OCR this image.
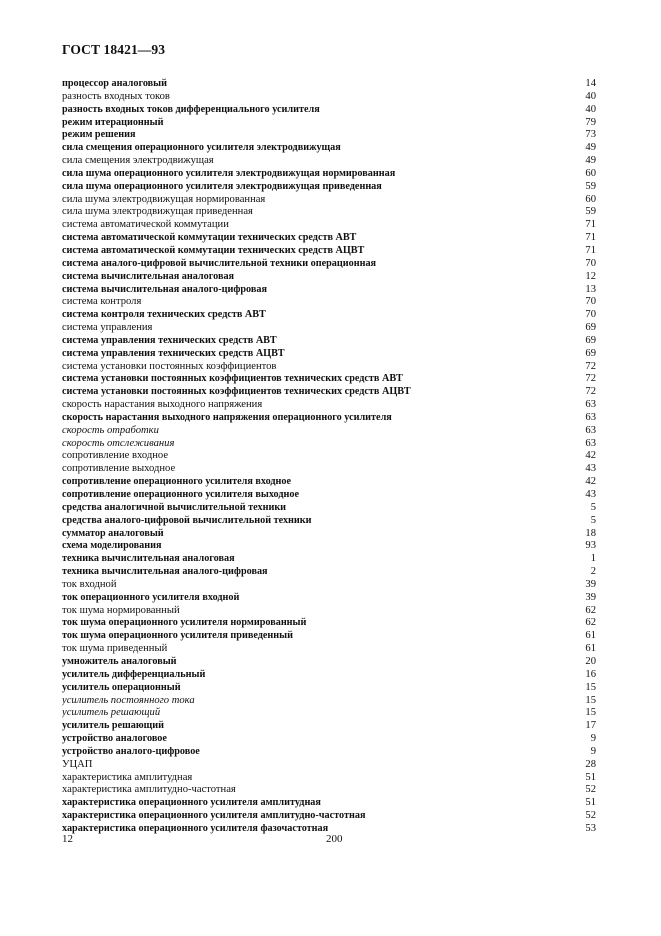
ГОСТ 18421—93
процессор аналоговый	14
разность входных токов	40
разность входных токов дифференциального усилителя	40
режим итерационный	79
режим решения	73
сила смещения операционного усилителя электродвижущая	49
сила смещения электродвижущая	49
сила шума операционного усилителя электродвижущая нормированная	60
сила шума операционного усилителя электродвижущая приведенная	59
сила шума электродвижущая нормированная	60
сила шума электродвижущая приведенная	59
система автоматической коммутации	71
система автоматической коммутации технических средств АВТ	71
система автоматической коммутации технических средств АЦВТ	71
система аналого-цифровой вычислительной техники операционная	70
система вычислительная аналоговая	12
система вычислительная аналого-цифровая	13
система контроля	70
система контроля технических средств АВТ	70
система управления	69
система управления технических средств АВТ	69
система управления технических средств АЦВТ	69
система установки постоянных коэффициентов	72
система установки постоянных коэффициентов технических средств АВТ	72
система установки постоянных коэффициентов технических средств АЦВТ	72
скорость нарастания выходного напряжения	63
скорость нарастания выходного напряжения операционного усилителя	63
скорость отработки	63
скорость отслеживания	63
сопротивление входное	42
сопротивление выходное	43
сопротивление операционного усилителя входное	42
сопротивление операционного усилителя выходное	43
средства аналогичной вычислительной техники	5
средства аналого-цифровой вычислительной техники	5
сумматор аналоговый	18
схема моделирования	93
техника вычислительная аналоговая	1
техника вычислительная аналого-цифровая	2
ток входной	39
ток операционного усилителя входной	39
ток шума нормированный	62
ток шума операционного усилителя нормированный	62
ток шума операционного усилителя приведенный	61
ток шума приведенный	61
умножитель аналоговый	20
усилитель дифференциальный	16
усилитель операционный	15
усилитель постоянного тока	15
усилитель решающий	15
усилитель решающий	17
устройство аналоговое	9
устройство аналого-цифровое	9
УЦАП	28
характеристика амплитудная	51
характеристика амплитудно-частотная	52
характеристика операционного усилителя амплитудная	51
характеристика операционного усилителя амплитудно-частотная	52
характеристика операционного усилителя фазочастотная	53
12	200
